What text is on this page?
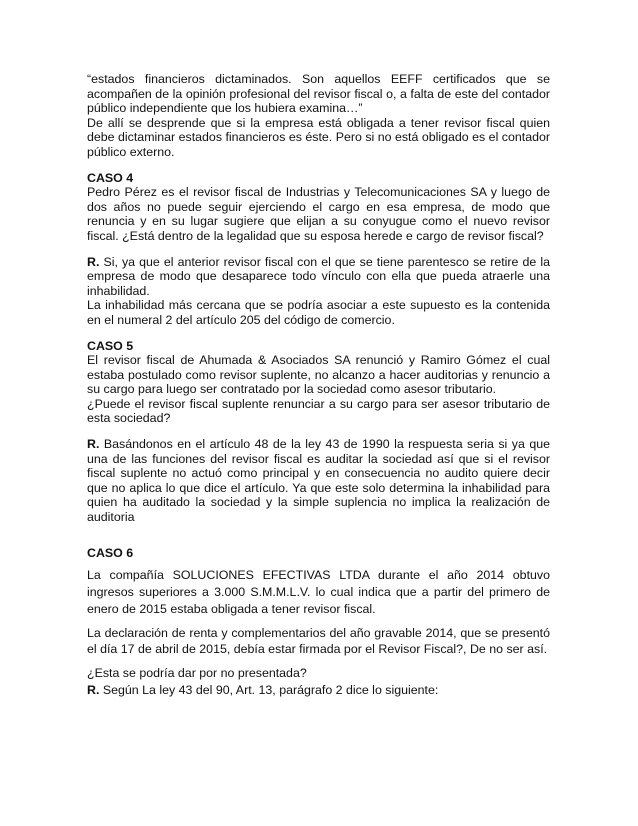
“estados financieros dictaminados. Son aquellos EEFF certificados que se acompañen de la opinión profesional del revisor fiscal o, a falta de este del contador público independiente que los hubiera examina…”

De allí se desprende que si la empresa está obligada a tener revisor fiscal quien debe dictaminar estados financieros es éste. Pero si no está obligado es el contador público externo.

CASO 4

Pedro Pérez es el revisor fiscal de Industrias y Telecomunicaciones SA y luego de dos años no puede seguir ejerciendo el cargo en esa empresa, de modo que renuncia y en su lugar sugiere que elijan a su conyugue como el nuevo revisor fiscal. ¿Está dentro de la legalidad que su esposa herede e cargo de revisor fiscal?

R. Si, ya que el anterior revisor fiscal con el que se tiene parentesco se retire de la empresa de modo que desaparece todo vínculo con ella que pueda atraerle una inhabilidad.

La inhabilidad más cercana que se podría asociar a este supuesto es la contenida en el numeral 2 del artículo 205 del código de comercio.

CASO 5

El revisor fiscal de Ahumada & Asociados SA renunció y Ramiro Gómez el cual estaba postulado como revisor suplente, no alcanzo a hacer auditorias y renuncio a su cargo para luego ser contratado por la sociedad como asesor tributario.

¿Puede el revisor fiscal suplente renunciar a su cargo para ser asesor tributario de esta sociedad?

R. Basándonos en el artículo 48 de la ley 43 de 1990 la respuesta seria si ya que una de las funciones del revisor fiscal es auditar la sociedad así que si el revisor fiscal suplente no actuó como principal y en consecuencia no audito quiere decir que no aplica lo que dice el artículo. Ya que este solo determina la inhabilidad para quien ha auditado la sociedad y la simple suplencia no implica la realización de auditoria

CASO 6

La compañía SOLUCIONES EFECTIVAS LTDA durante el año 2014 obtuvo ingresos superiores a 3.000 S.M.M.L.V. lo cual indica que a partir del primero de enero de 2015 estaba obligada a tener revisor fiscal.

La declaración de renta y complementarios del año gravable 2014, que se presentó el día 17 de abril de 2015, debía estar firmada por el Revisor Fiscal?, De no ser así.

¿Esta se podría dar por no presentada?

R. Según La ley 43 del 90, Art. 13, parágrafo 2 dice lo siguiente:
